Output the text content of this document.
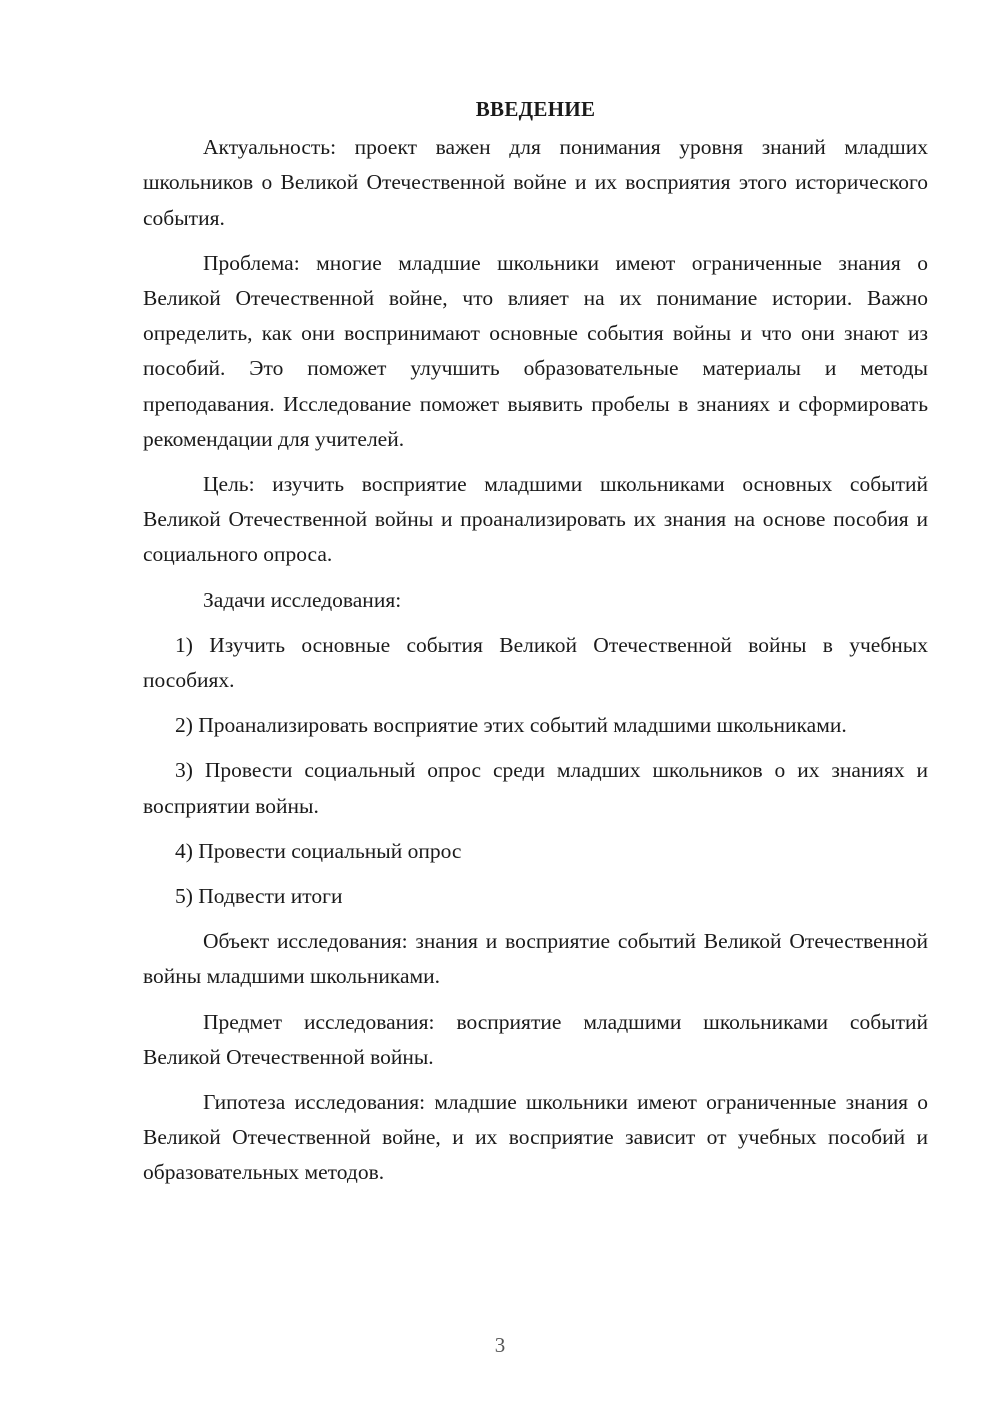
ВВЕДЕНИЕ

Актуальность: проект важен для понимания уровня знаний младших школьников о Великой Отечественной войне и их восприятия этого исторического события.

Проблема: многие младшие школьники имеют ограниченные знания о Великой Отечественной войне, что влияет на их понимание истории. Важно определить, как они воспринимают основные события войны и что они знают из пособий. Это поможет улучшить образовательные материалы и методы преподавания. Исследование поможет выявить пробелы в знаниях и сформировать рекомендации для учителей.

Цель: изучить восприятие младшими школьниками основных событий Великой Отечественной войны и проанализировать их знания на основе пособия и социального опроса.

Задачи исследования:

1) Изучить основные события Великой Отечественной войны в учебных пособиях.

2) Проанализировать восприятие этих событий младшими школьниками.

3) Провести социальный опрос среди младших школьников о их знаниях и восприятии войны.

4) Провести социальный опрос

5) Подвести итоги

Объект исследования: знания и восприятие событий Великой Отечественной войны младшими школьниками.

Предмет исследования: восприятие младшими школьниками событий Великой Отечественной войны.

Гипотеза исследования: младшие школьники имеют ограниченные знания о Великой Отечественной войне, и их восприятие зависит от учебных пособий и образовательных методов.

3
